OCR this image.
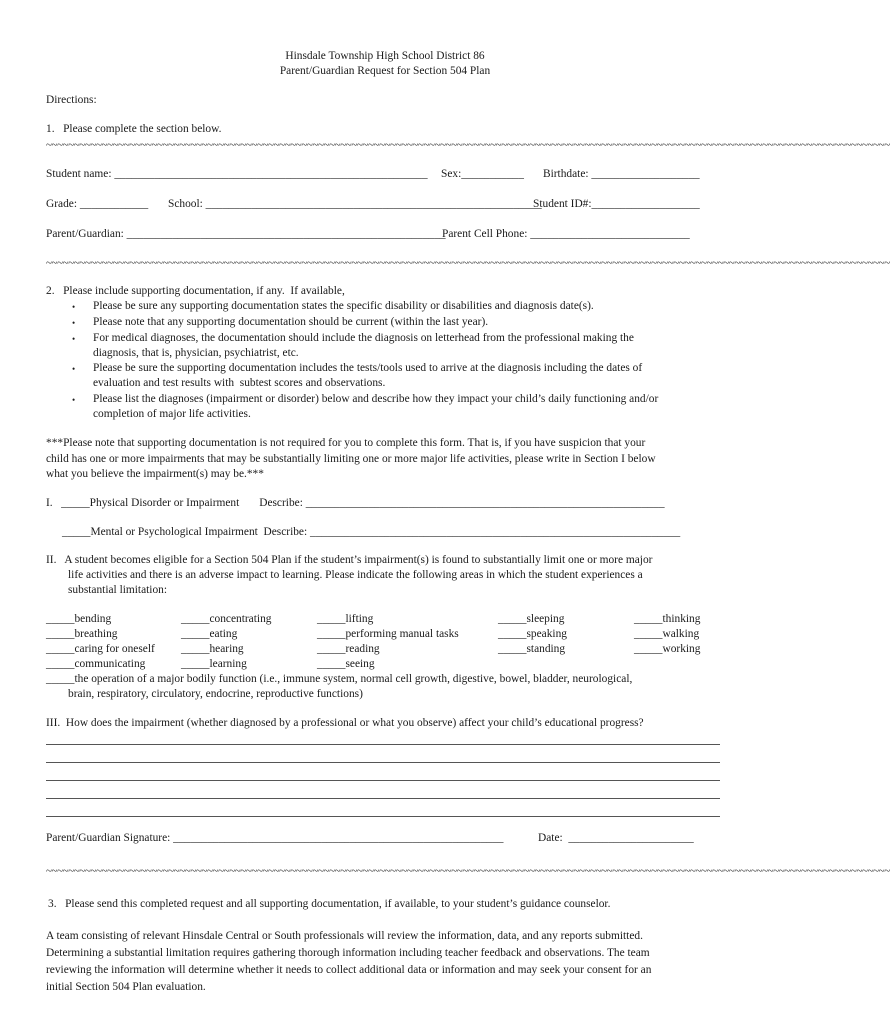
Hinsdale Township High School District 86
Parent/Guardian Request for Section 504 Plan
Directions:
1.   Please complete the section below.
~~~~~~~~~~~~~~~~~~~~~~~~~~~~~~~~~~~~~~~~~~~~~~~~~~~~~~~~~~~~~~~~~~~~~~~~~~~~~~~~~~~~~~~~~~~~~~~~~~~~~~~~~~~~~~~~~~~~~~~~~~~~~~~~~~~~~~~~~~~~~~~~~~~~~~~~
Student name: _______________________________________________________ Sex:___________ Birthdate: ___________________
Grade: ____________ School: ___________________________________________________________
Student ID#:___________________
Parent/Guardian: ________________________________________________________
Parent Cell Phone: ____________________________
~~~~~~~~~~~~~~~~~~~~~~~~~~~~~~~~~~~~~~~~~~~~~~~~~~~~~~~~~~~~~~~~~~~~~~~~~~~~~~~~~~~~~~~~~~~~~~~~~~~~~~~~~~~~~~~~~~~~~~~~~~~~~~~~~~~~~~~~~~~~~~~~~~~~~~~~
2.   Please include supporting documentation, if any.  If available,
• Please be sure any supporting documentation states the specific disability or disabilities and diagnosis date(s).
• Please note that any supporting documentation should be current (within the last year).
• For medical diagnoses, the documentation should include the diagnosis on letterhead from the professional making the
diagnosis, that is, physician, psychiatrist, etc.
• Please be sure the supporting documentation includes the tests/tools used to arrive at the diagnosis including the dates of
evaluation and test results with  subtest scores and observations.
• Please list the diagnoses (impairment or disorder) below and describe how they impact your child’s daily functioning and/or
completion of major life activities.
***Please note that supporting documentation is not required for you to complete this form. That is, if you have suspicion that your
child has one or more impairments that may be substantially limiting one or more major life activities, please write in Section I below
what you believe the impairment(s) may be.***
I.   _____Physical Disorder or Impairment       Describe: _______________________________________________________________
_____Mental or Psychological Impairment  Describe: _________________________________________________________________
II.   A student becomes eligible for a Section 504 Plan if the student’s impairment(s) is found to substantially limit one or more major
life activities and there is an adverse impact to learning. Please indicate the following areas in which the student experiences a
substantial limitation:
_____bending
_____breathing
_____caring for oneself
_____communicating
_____concentrating
_____eating
_____hearing
_____learning
_____lifting
_____performing manual tasks
_____reading
_____seeing
_____sleeping
_____speaking
_____standing
_____thinking
_____walking
_____working
_____the operation of a major bodily function (i.e., immune system, normal cell growth, digestive, bowel, bladder, neurological,
brain, respiratory, circulatory, endocrine, reproductive functions)
III.  How does the impairment (whether diagnosed by a professional or what you observe) affect your child’s educational progress?
Parent/Guardian Signature: __________________________________________________________	Date:  ______________________
~~~~~~~~~~~~~~~~~~~~~~~~~~~~~~~~~~~~~~~~~~~~~~~~~~~~~~~~~~~~~~~~~~~~~~~~~~~~~~~~~~~~~~~~~~~~~~~~~~~~~~~~~~~~~~~~~~~~~~~~~~~~~~~~~~~~~~~~~~~~~~~~~~~~~~~~
3.   Please send this completed request and all supporting documentation, if available, to your student’s guidance counselor.
A team consisting of relevant Hinsdale Central or South professionals will review the information, data, and any reports submitted.
Determining a substantial limitation requires gathering thorough information including teacher feedback and observations. The team
reviewing the information will determine whether it needs to collect additional data or information and may seek your consent for an
initial Section 504 Plan evaluation.
